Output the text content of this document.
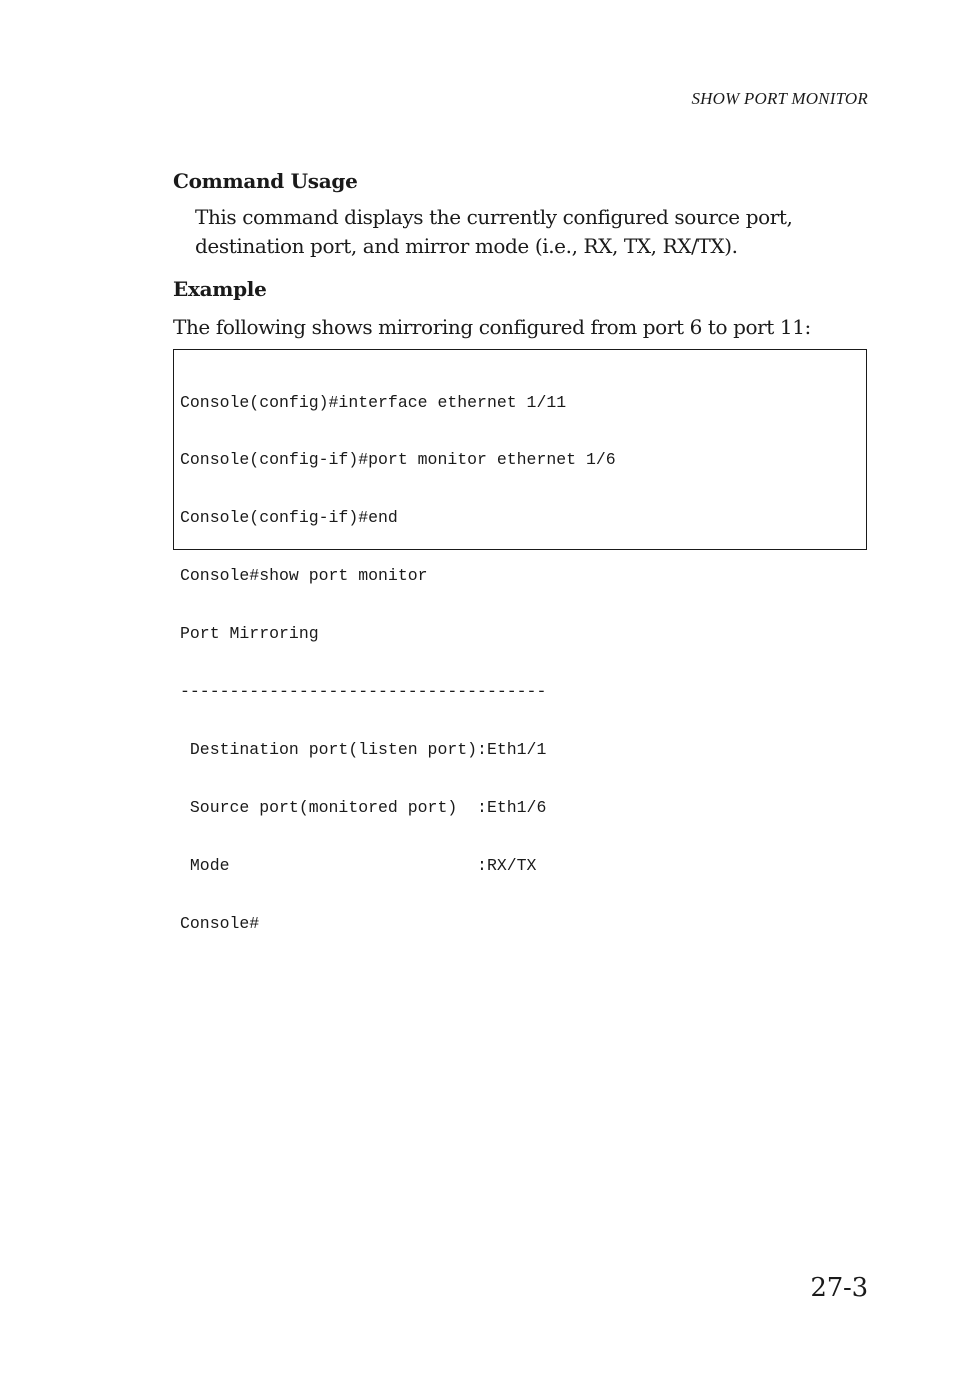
SHOW PORT MONITOR

Command Usage

This command displays the currently configured source port, destination port, and mirror mode (i.e., RX, TX, RX/TX).

Example

The following shows mirroring configured from port 6 to port 11:

Console(config)#interface ethernet 1/11

Console(config-if)#port monitor ethernet 1/6

Console(config-if)#end

Console#show port monitor

Port Mirroring

-------------------------------------

Destination port(listen port):Eth1/1

Source port(monitored port)  :Eth1/6

Mode                         :RX/TX

Console#

27-3
